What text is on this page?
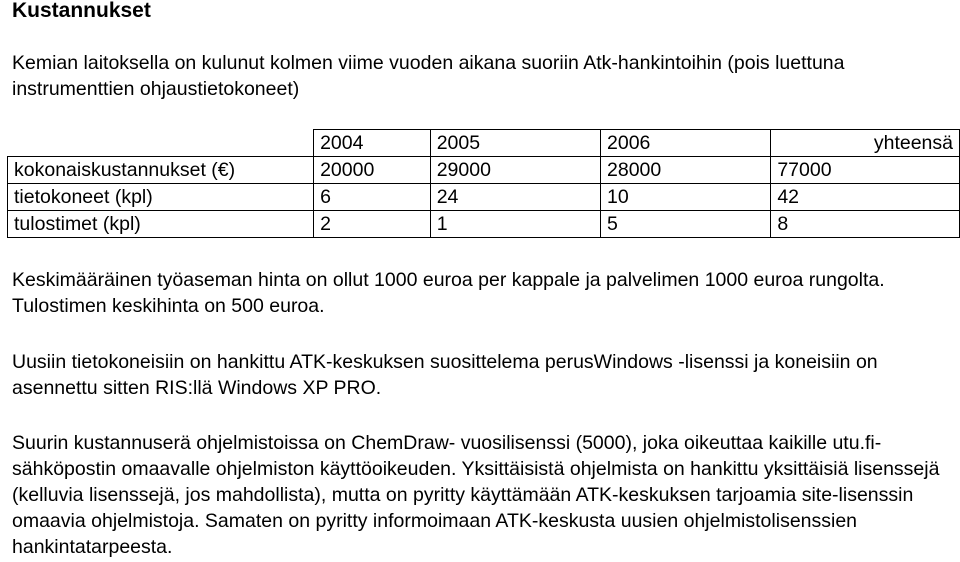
Kustannukset

Kemian laitoksella on kulunut kolmen viime vuoden aikana suoriin Atk-hankintoihin (pois luettuna instrumenttien ohjaustietokoneet)

	2004	2005	2006	yhteensä
kokonaiskustannukset (€)	20000	29000	28000	77000
tietokoneet (kpl)	6	24	10	42
tulostimet (kpl)	2	1	5	8

Keskimääräinen työaseman hinta on ollut 1000 euroa per kappale ja palvelimen 1000 euroa rungolta. Tulostimen keskihinta on 500 euroa.

Uusiin tietokoneisiin on hankittu ATK-keskuksen suosittelema perusWindows -lisenssi ja koneisiin on asennettu sitten RIS:llä Windows XP PRO.

Suurin kustannuserä ohjelmistoissa on ChemDraw- vuosilisenssi (5000), joka oikeuttaa kaikille utu.fi-sähköpostin omaavalle ohjelmiston käyttöoikeuden. Yksittäisistä ohjelmista on hankittu yksittäisiä lisenssejä (kelluvia lisenssejä, jos mahdollista), mutta on pyritty käyttämään ATK-keskuksen tarjoamia site-lisenssin omaavia ohjelmistoja. Samaten on pyritty informoimaan ATK-keskusta uusien ohjelmistolisenssien hankintatarpeesta.
